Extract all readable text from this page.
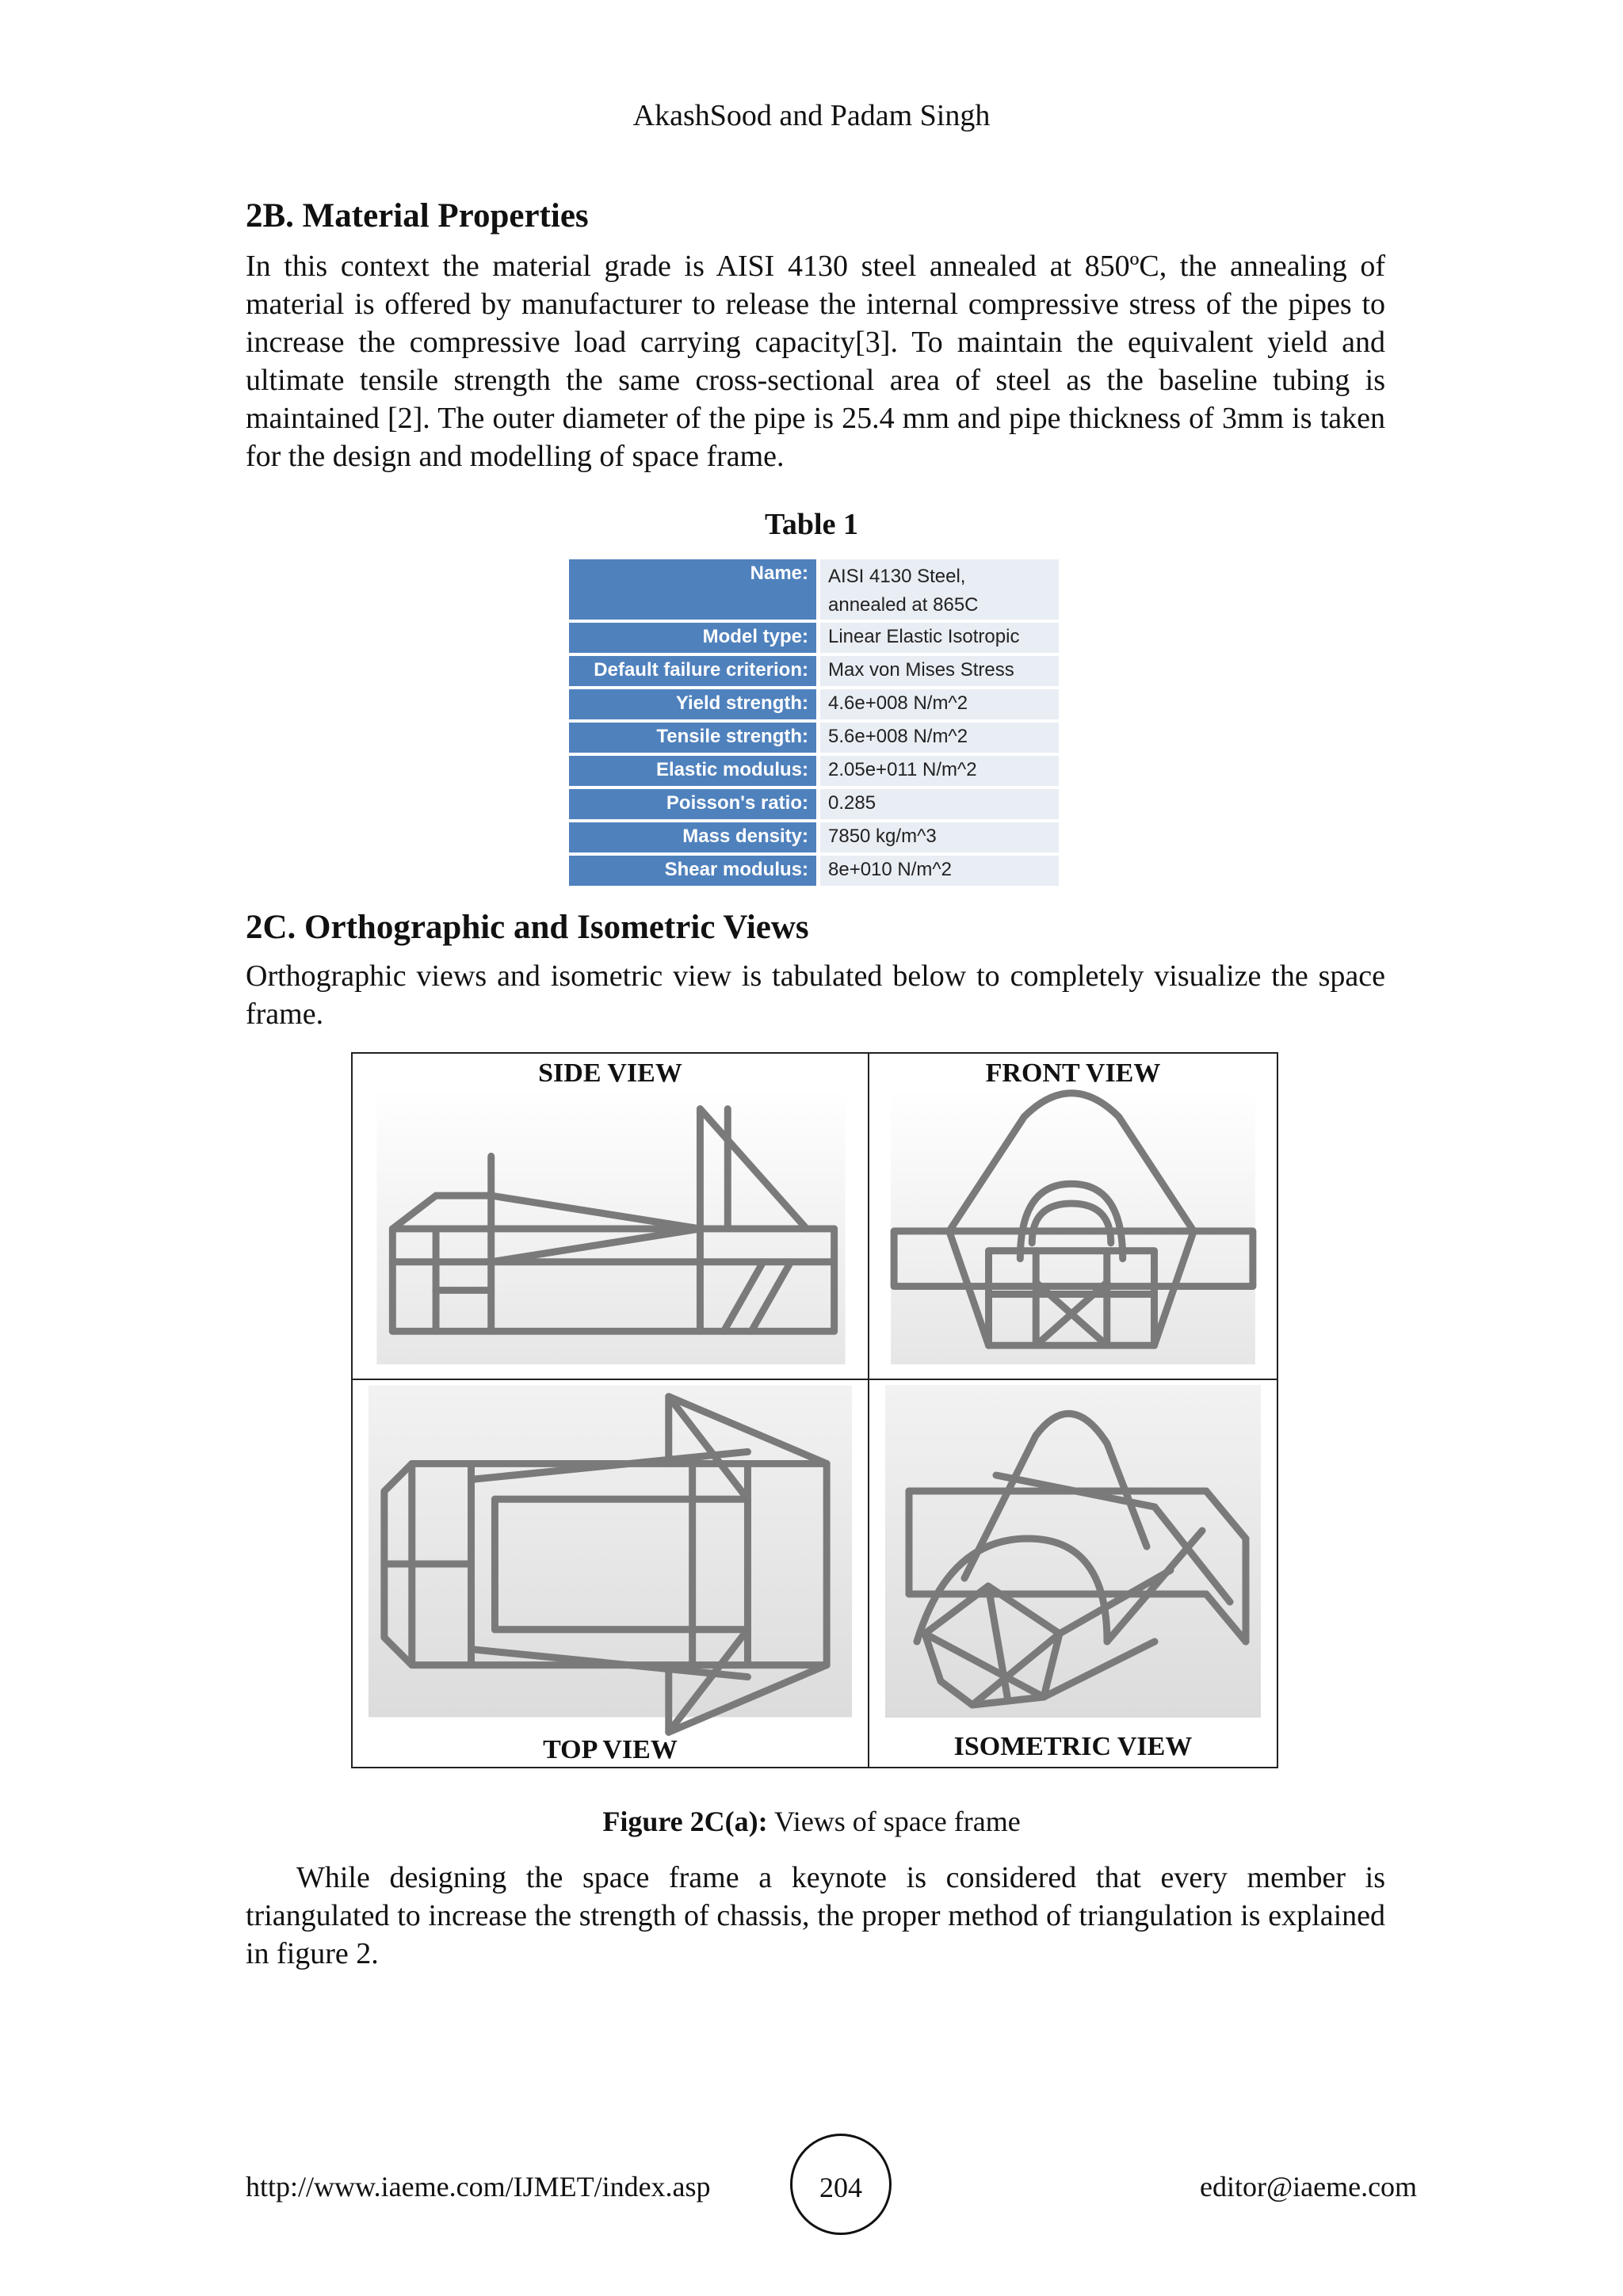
AkashSood and Padam Singh
2B. Material Properties

In this context the material grade is AISI 4130 steel annealed at 850ºC, the annealing of material is offered by manufacturer to release the internal compressive stress of the pipes to increase the compressive load carrying capacity[3]. To maintain the equivalent yield and ultimate tensile strength the same cross-sectional area of steel as the baseline tubing is maintained [2]. The outer diameter of the pipe is 25.4 mm and pipe thickness of 3mm is taken for the design and modelling of space frame.

Table 1
Name:	AISI 4130 Steel,
annealed at 865C

Model type:	Linear Elastic Isotropic
Default failure criterion:	Max von Mises Stress
Yield strength:	4.6e+008 N/m^2
Tensile strength:	5.6e+008 N/m^2
Elastic modulus:	2.05e+011 N/m^2
Poisson's ratio:	0.285
Mass density:	7850 kg/m^3
Shear modulus:	8e+010 N/m^2
2C. Orthographic and Isometric Views

Orthographic views and isometric view is tabulated below to completely visualize the space frame.

SIDE VIEW	FRONT VIEW
TOP VIEW	ISOMETRIC VIEW
Figure 2C(a): Views of space frame

While designing the space frame a keynote is considered that every member is triangulated to increase the strength of chassis, the proper method of triangulation is explained in figure 2.

http://www.iaeme.com/IJMET/index.asp	204	editor@iaeme.com
